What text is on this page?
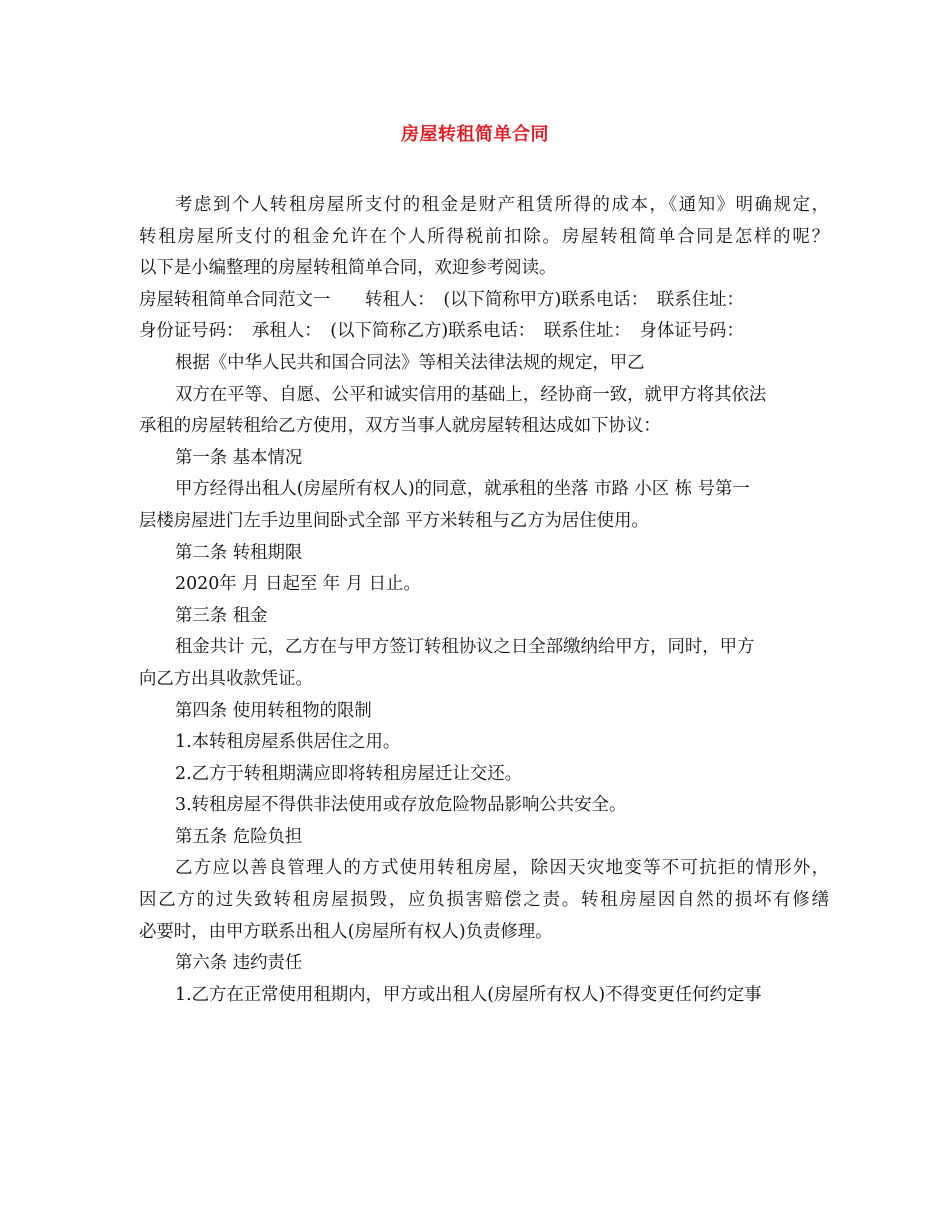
房屋转租简单合同
考虑到个人转租房屋所支付的租金是财产租赁所得的成本，《通知》明确规定，
转租房屋所支付的租金允许在个人所得税前扣除。房屋转租简单合同是怎样的呢？
以下是小编整理的房屋转租简单合同，欢迎参考阅读。
房屋转租简单合同范文一　　转租人：　(以下简称甲方)联系电话：　联系住址：
身份证号码：　承租人：　(以下简称乙方)联系电话：　联系住址：　身体证号码：
根据《中华人民共和国合同法》等相关法律法规的规定，甲乙
双方在平等、自愿、公平和诚实信用的基础上，经协商一致，就甲方将其依法
承租的房屋转租给乙方使用，双方当事人就房屋转租达成如下协议：
第一条 基本情况
甲方经得出租人(房屋所有权人)的同意，就承租的坐落 市路 小区 栋 号第一
层楼房屋进门左手边里间卧式全部 平方米转租与乙方为居住使用。
第二条 转租期限
2020年 月 日起至 年 月 日止。
第三条 租金
租金共计 元，乙方在与甲方签订转租协议之日全部缴纳给甲方，同时，甲方
向乙方出具收款凭证。
第四条 使用转租物的限制
1.本转租房屋系供居住之用。
2.乙方于转租期满应即将转租房屋迁让交还。
3.转租房屋不得供非法使用或存放危险物品影响公共安全。
第五条 危险负担
乙方应以善良管理人的方式使用转租房屋，除因天灾地变等不可抗拒的情形外，
因乙方的过失致转租房屋损毁，应负损害赔偿之责。转租房屋因自然的损坏有修缮
必要时，由甲方联系出租人(房屋所有权人)负责修理。
第六条 违约责任
1.乙方在正常使用租期内，甲方或出租人(房屋所有权人)不得变更任何约定事
